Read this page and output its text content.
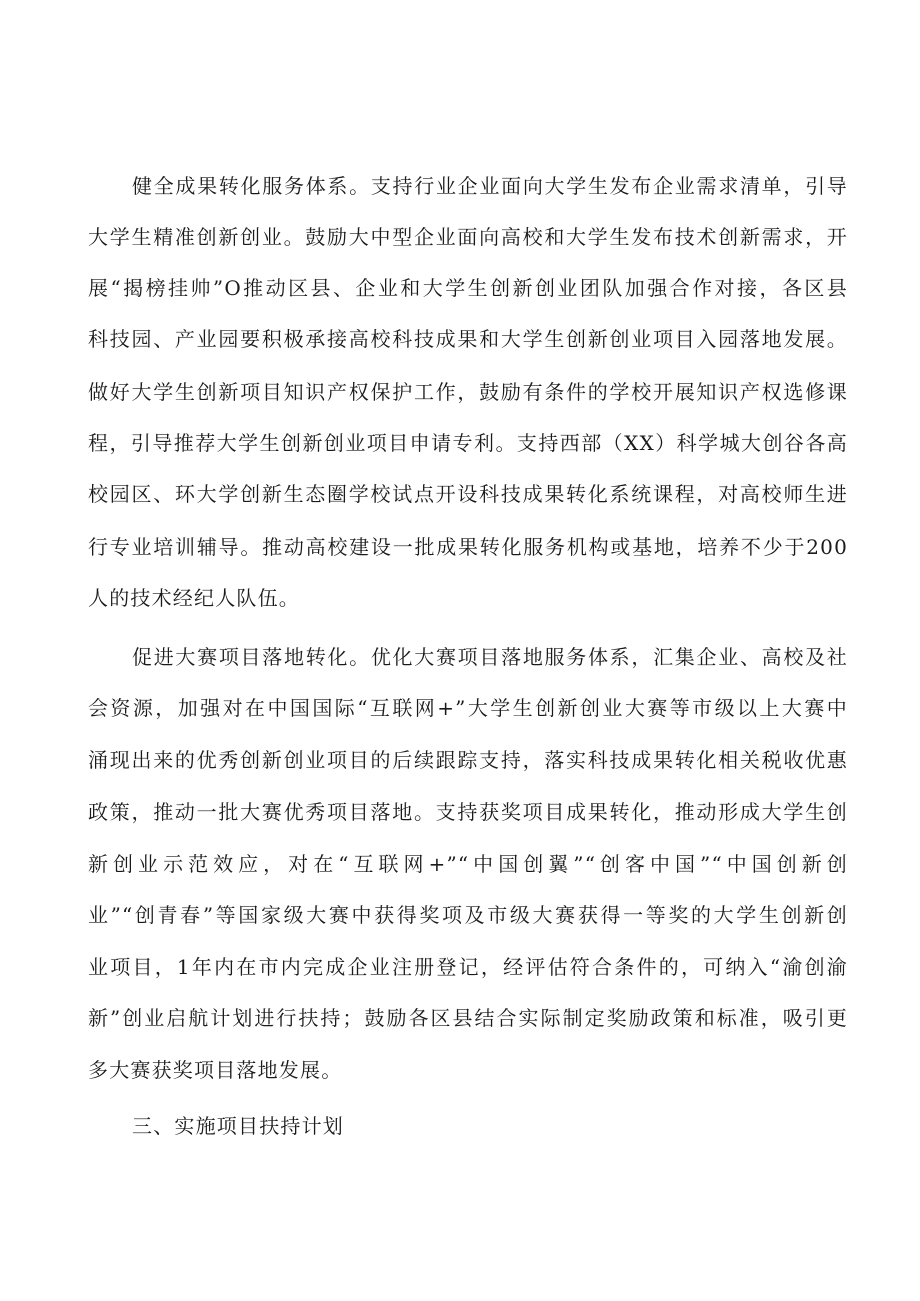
健全成果转化服务体系。支持行业企业面向大学生发布企业需求清单，引导
大学生精准创新创业。鼓励大中型企业面向高校和大学生发布技术创新需求，开
展“揭榜挂帅”O推动区县、企业和大学生创新创业团队加强合作对接，各区县
科技园、产业园要积极承接高校科技成果和大学生创新创业项目入园落地发展。
做好大学生创新项目知识产权保护工作，鼓励有条件的学校开展知识产权选修课
程，引导推荐大学生创新创业项目申请专利。支持西部（XX）科学城大创谷各高
校园区、环大学创新生态圈学校试点开设科技成果转化系统课程，对高校师生进
行专业培训辅导。推动高校建设一批成果转化服务机构或基地，培养不少于200
人的技术经纪人队伍。
促进大赛项目落地转化。优化大赛项目落地服务体系，汇集企业、高校及社
会资源，加强对在中国国际“互联网+”大学生创新创业大赛等市级以上大赛中
涌现出来的优秀创新创业项目的后续跟踪支持，落实科技成果转化相关税收优惠
政策，推动一批大赛优秀项目落地。支持获奖项目成果转化，推动形成大学生创
新创业示范效应，对在“互联网+”“中国创翼”“创客中国”“中国创新创
业”“创青春”等国家级大赛中获得奖项及市级大赛获得一等奖的大学生创新创
业项目，1年内在市内完成企业注册登记，经评估符合条件的，可纳入“渝创渝
新”创业启航计划进行扶持；鼓励各区县结合实际制定奖励政策和标准，吸引更
多大赛获奖项目落地发展。
三、实施项目扶持计划
